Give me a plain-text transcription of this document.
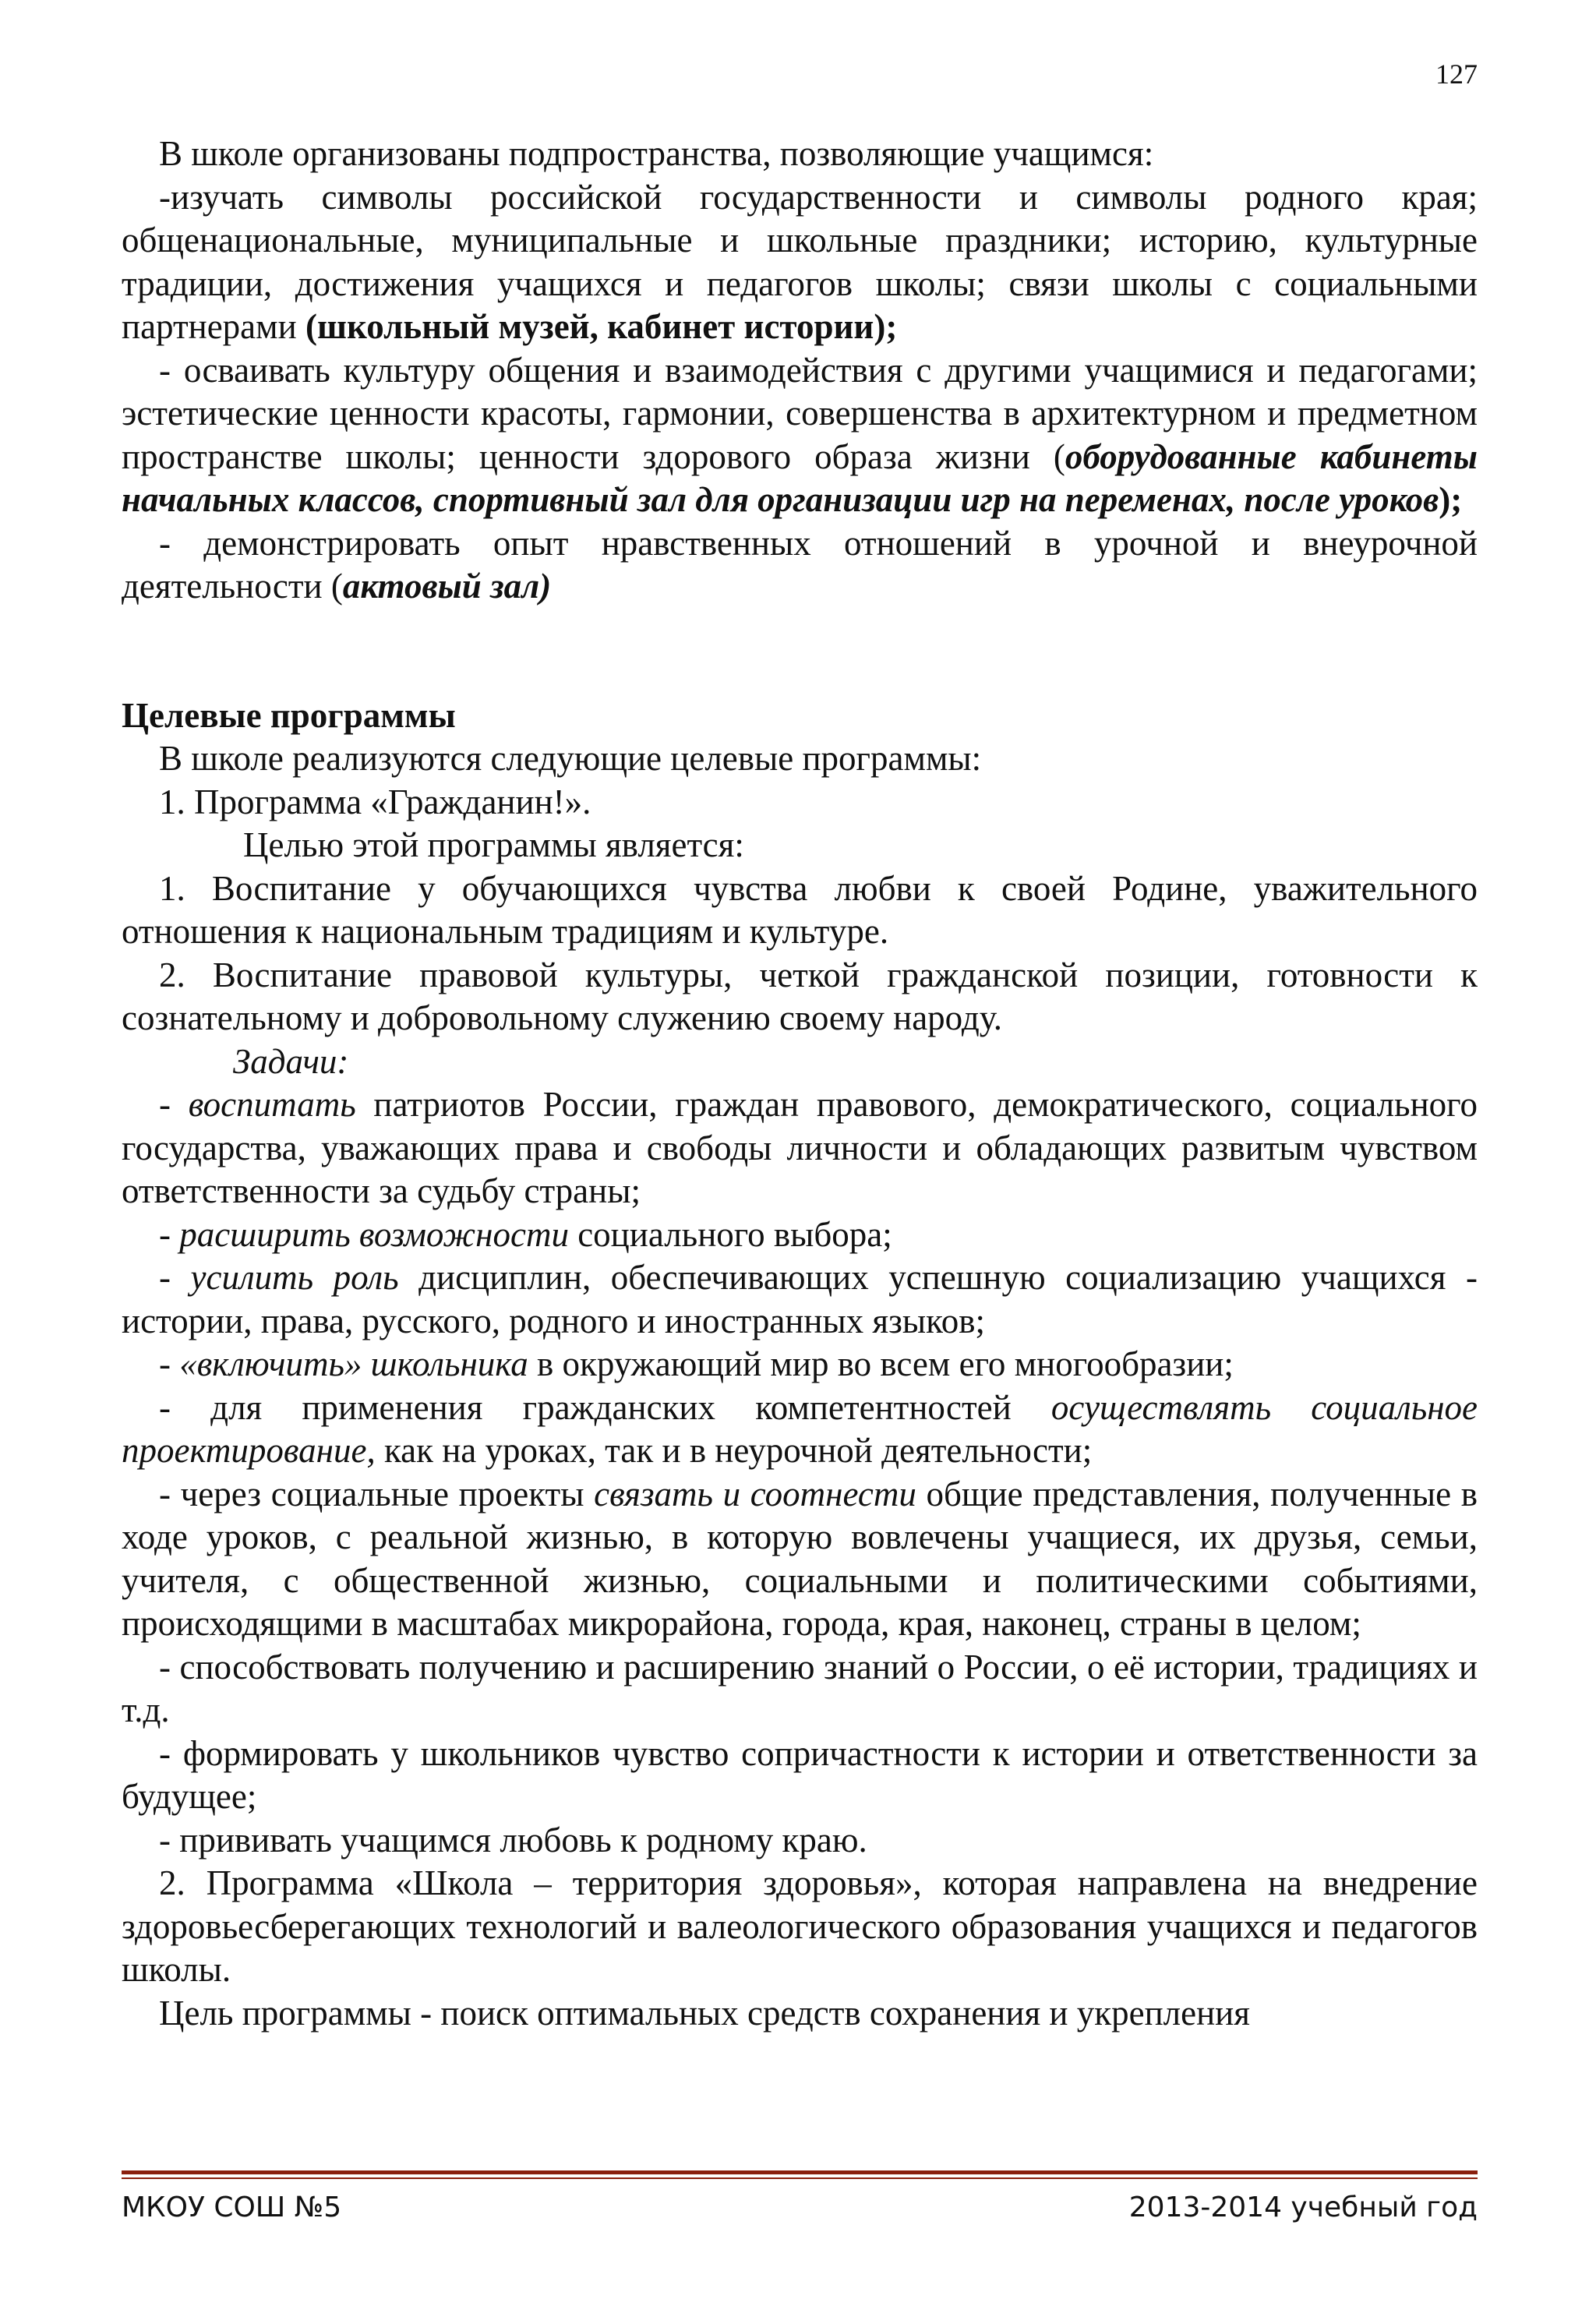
127

В школе организованы подпространства, позволяющие учащимся:

-изучать символы российской государственности и символы родного края; общенациональные, муниципальные и школьные праздники; историю, культурные традиции, достижения учащихся и педагогов школы; связи школы с социальными партнерами (школьный музей, кабинет истории);

- осваивать культуру общения и взаимодействия с другими учащимися и педагогами; эстетические ценности красоты, гармонии, совершенства в архитектурном и предметном пространстве школы; ценности здорового образа жизни (оборудованные кабинеты начальных классов, спортивный зал для организации игр на переменах, после уроков);

- демонстрировать опыт нравственных отношений в урочной и внеурочной деятельности (актовый зал)

Целевые программы

В школе реализуются следующие целевые программы:

1. Программа «Гражданин!».

Целью этой программы является:

1. Воспитание у обучающихся чувства любви к своей Родине, уважительного отношения к национальным традициям и культуре.

2. Воспитание правовой культуры, четкой гражданской позиции, готовности к сознательному и добровольному служению своему народу.

Задачи:

- воспитать патриотов России, граждан правового, демократического, социального государства, уважающих права и свободы личности и обладающих развитым чувством ответственности за судьбу страны;

- расширить возможности социального выбора;

- усилить роль дисциплин, обеспечивающих успешную социализацию учащихся - истории, права, русского, родного и иностранных языков;

- «включить» школьника в окружающий мир во всем его многообразии;

- для применения гражданских компетентностей осуществлять социальное проектирование, как на уроках, так и в неурочной деятельности;

- через социальные проекты связать и соотнести общие представления, полученные в ходе уроков, с реальной жизнью, в которую вовлечены учащиеся, их друзья, семьи, учителя, с общественной жизнью, социальными и политическими событиями, происходящими в масштабах микрорайона, города, края, наконец, страны в целом;

- способствовать получению и расширению знаний о России, о её истории, традициях и т.д.

- формировать у школьников чувство сопричастности к истории и ответственности за будущее;

- прививать учащимся любовь к родному краю.

2. Программа «Школа – территория здоровья», которая направлена на внедрение здоровьесберегающих технологий и валеологического образования учащихся и педагогов школы.

Цель программы - поиск оптимальных средств сохранения и укрепления

МКОУ СОШ №5	2013-2014 учебный год
